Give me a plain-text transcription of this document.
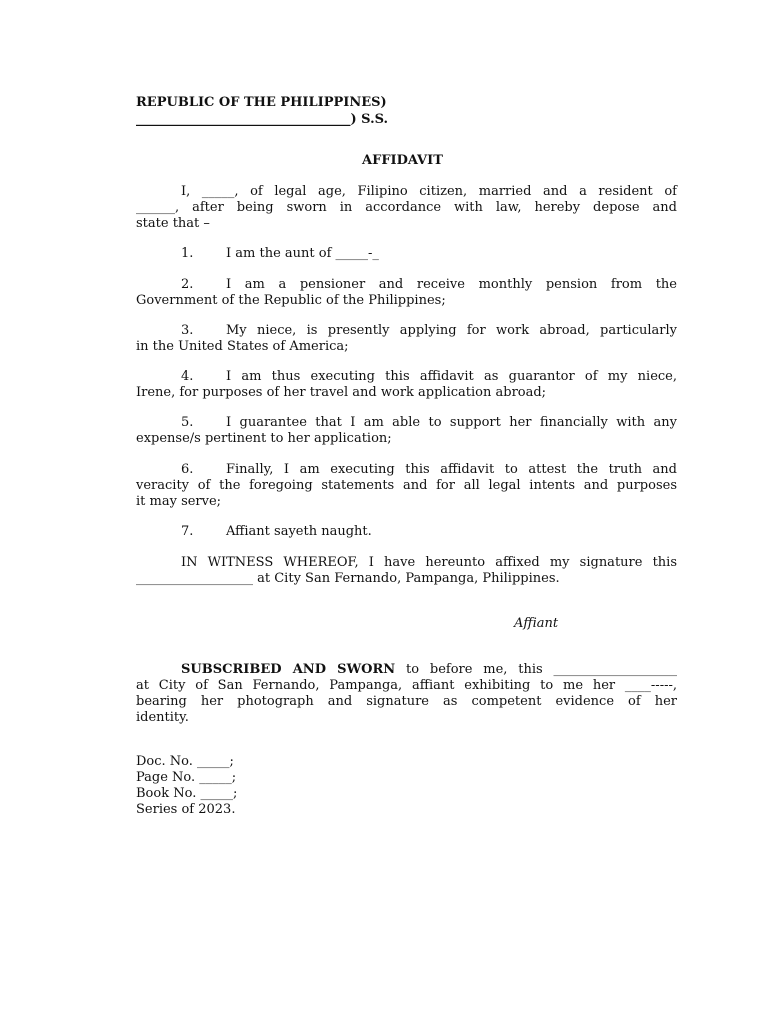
REPUBLIC OF THE PHILIPPINES)
_________________________________) S.S.
AFFIDAVIT
I, _____, of legal age, Filipino citizen, married and a resident of
______, after being sworn in accordance with law, hereby depose and
state that –
1.	I am the aunt of _____-_
I am a pensioner and receive monthly pension from the
Government of the Republic of the Philippines;
2.
My niece, is presently applying for work abroad, particularly
in the United States of America;
3.
I am thus executing this affidavit as guarantor of my niece,
Irene, for purposes of her travel and work application abroad;
4.
I guarantee that I am able to support her financially with any
expense/s pertinent to her application;
5.
Finally, I am executing this affidavit to attest the truth and
veracity of the foregoing statements and for all legal intents and purposes
it may serve;
6.
7.	Affiant sayeth naught.
IN WITNESS WHEREOF, I have hereunto affixed my signature this
__________________ at City San Fernando, Pampanga, Philippines.
Affiant
SUBSCRIBED AND SWORN to before me, this ___________________
at City of San Fernando, Pampanga, affiant exhibiting to me her ____-----,
bearing her photograph and signature as competent evidence of her
identity.
Doc. No. _____;
Page No. _____;
Book No. _____;
Series of 2023.
